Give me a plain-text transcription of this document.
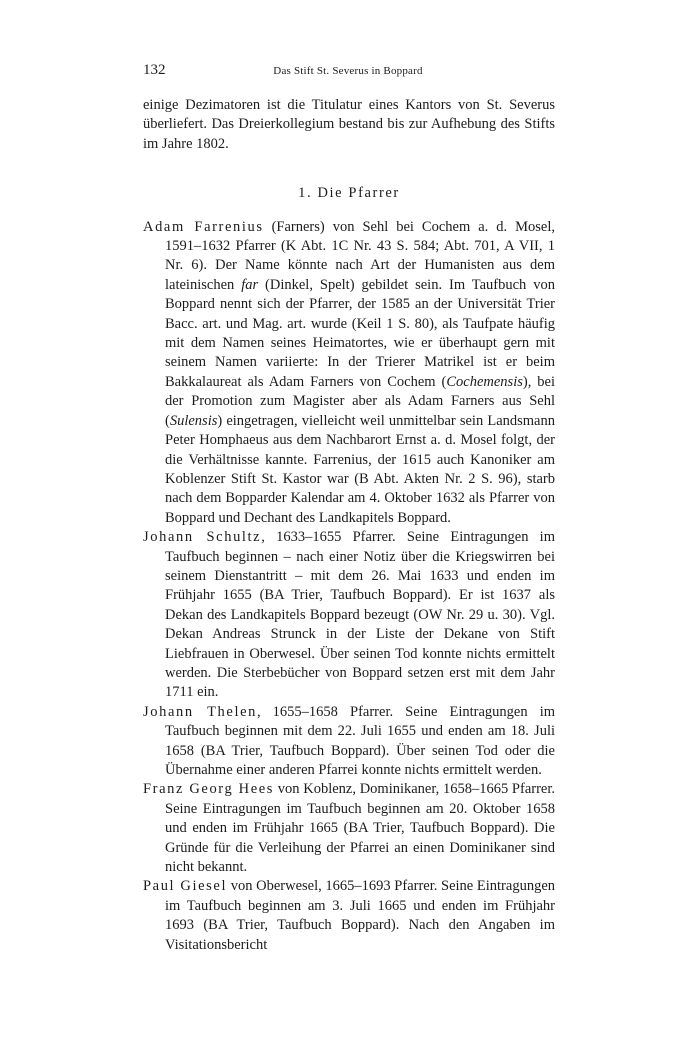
132	Das Stift St. Severus in Boppard

einige Dezimatoren ist die Titulatur eines Kantors von St. Severus überliefert. Das Dreierkollegium bestand bis zur Aufhebung des Stifts im Jahre 1802.

1. Die Pfarrer

Adam Farrenius (Farners) von Sehl bei Cochem a. d. Mosel, 1591–1632 Pfarrer (K Abt. 1C Nr. 43 S. 584; Abt. 701, A VII, 1 Nr. 6). Der Name könnte nach Art der Humanisten aus dem lateinischen far (Dinkel, Spelt) gebildet sein. Im Taufbuch von Boppard nennt sich der Pfarrer, der 1585 an der Universität Trier Bacc. art. und Mag. art. wurde (Keil 1 S. 80), als Taufpate häufig mit dem Namen seines Heimatortes, wie er überhaupt gern mit seinem Namen variierte: In der Trierer Matrikel ist er beim Bakkalaureat als Adam Farners von Cochem (Cochemensis), bei der Promotion zum Magister aber als Adam Farners aus Sehl (Sulensis) eingetragen, vielleicht weil unmittelbar sein Landsmann Peter Homphaeus aus dem Nachbarort Ernst a. d. Mosel folgt, der die Verhältnisse kannte. Farrenius, der 1615 auch Kanoniker am Koblenzer Stift St. Kastor war (B Abt. Akten Nr. 2 S. 96), starb nach dem Bopparder Kalendar am 4. Oktober 1632 als Pfarrer von Boppard und Dechant des Landkapitels Boppard.

Johann Schultz, 1633–1655 Pfarrer. Seine Eintragungen im Taufbuch beginnen – nach einer Notiz über die Kriegswirren bei seinem Dienstantritt – mit dem 26. Mai 1633 und enden im Frühjahr 1655 (BA Trier, Taufbuch Boppard). Er ist 1637 als Dekan des Landkapitels Boppard bezeugt (OW Nr. 29 u. 30). Vgl. Dekan Andreas Strunck in der Liste der Dekane von Stift Liebfrauen in Oberwesel. Über seinen Tod konnte nichts ermittelt werden. Die Sterbebücher von Boppard setzen erst mit dem Jahr 1711 ein.

Johann Thelen, 1655–1658 Pfarrer. Seine Eintragungen im Taufbuch beginnen mit dem 22. Juli 1655 und enden am 18. Juli 1658 (BA Trier, Taufbuch Boppard). Über seinen Tod oder die Übernahme einer anderen Pfarrei konnte nichts ermittelt werden.

Franz Georg Hees von Koblenz, Dominikaner, 1658–1665 Pfarrer. Seine Eintragungen im Taufbuch beginnen am 20. Oktober 1658 und enden im Frühjahr 1665 (BA Trier, Taufbuch Boppard). Die Gründe für die Verleihung der Pfarrei an einen Dominikaner sind nicht bekannt.

Paul Giesel von Oberwesel, 1665–1693 Pfarrer. Seine Eintragungen im Taufbuch beginnen am 3. Juli 1665 und enden im Frühjahr 1693 (BA Trier, Taufbuch Boppard). Nach den Angaben im Visitationsbericht
